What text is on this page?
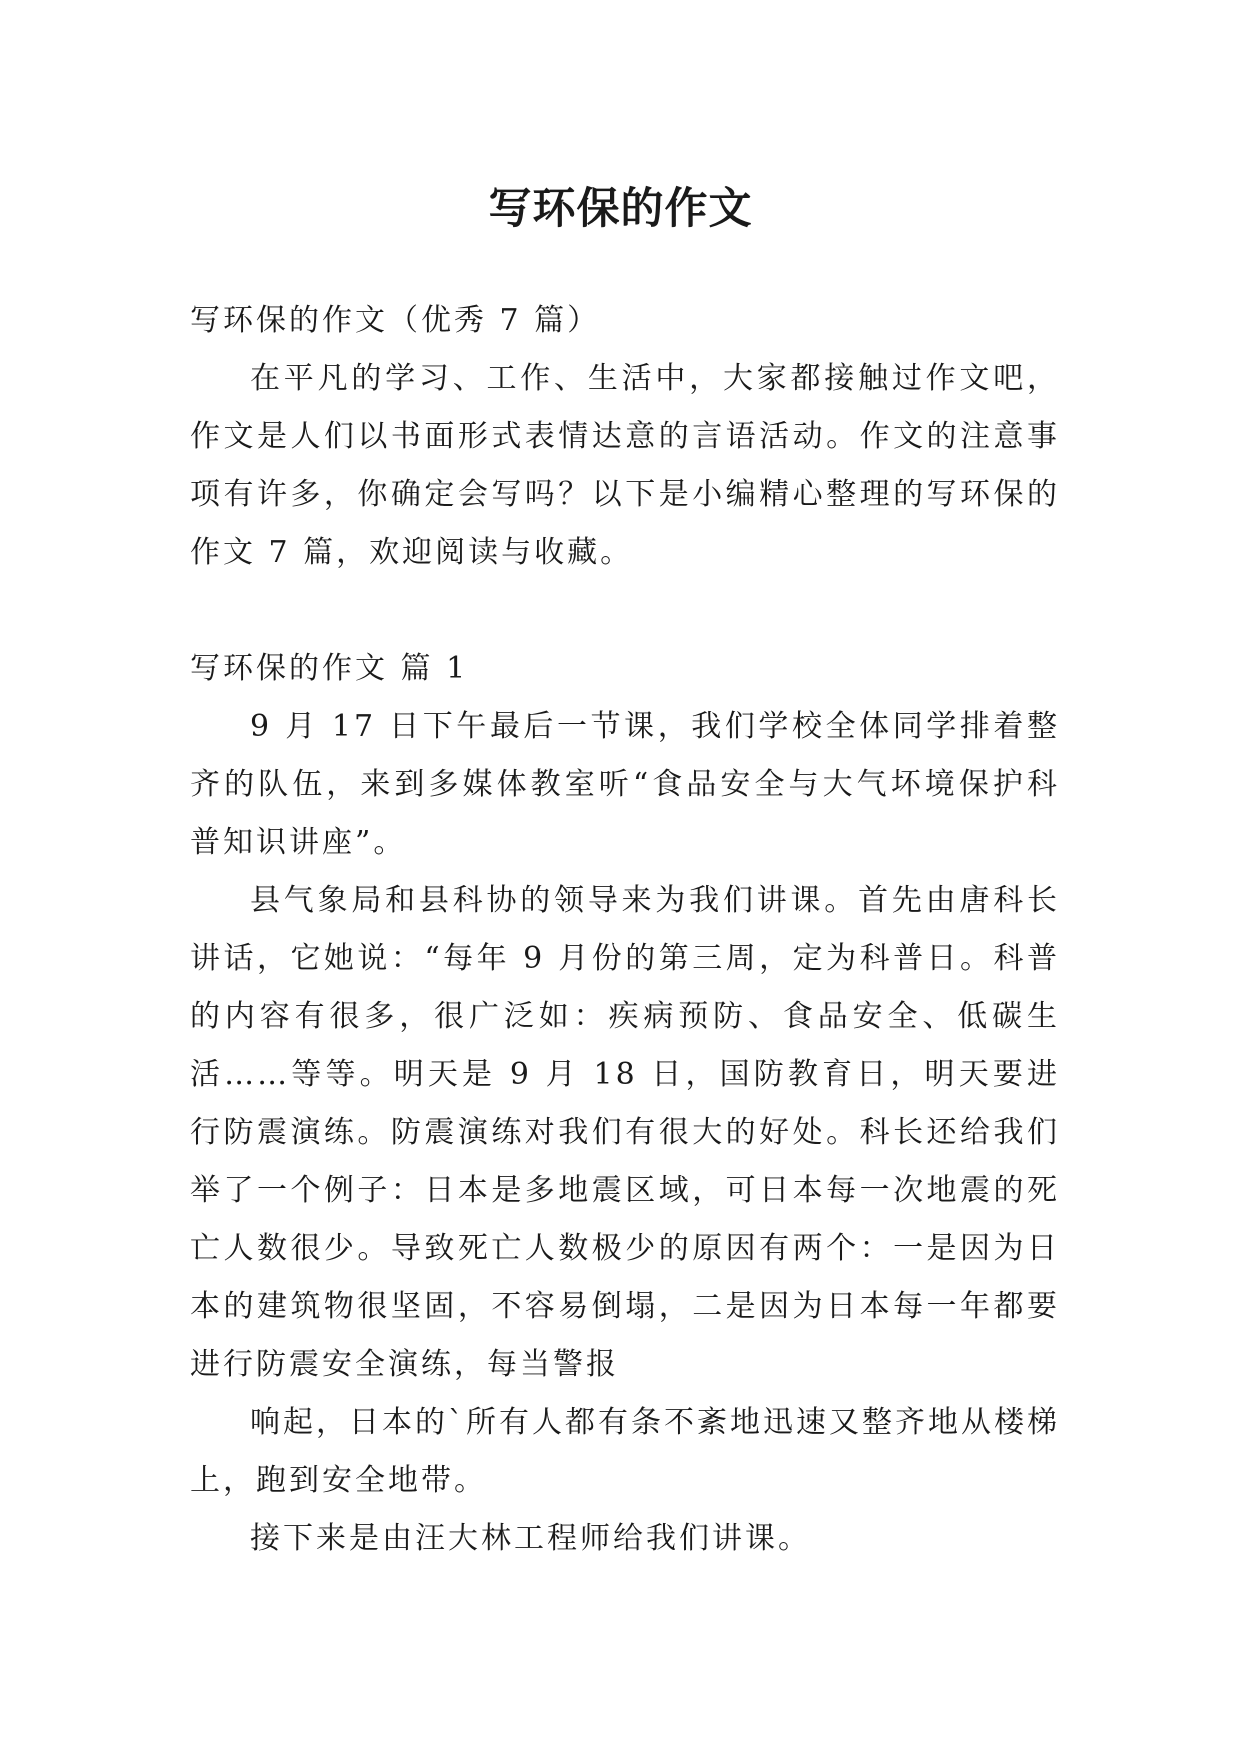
写环保的作文

写环保的作文（优秀 7 篇）

在平凡的学习、工作、生活中，大家都接触过作文吧，作文是人们以书面形式表情达意的言语活动。作文的注意事项有许多，你确定会写吗？以下是小编精心整理的写环保的作文 7 篇，欢迎阅读与收藏。

写环保的作文 篇 1

9 月 17 日下午最后一节课，我们学校全体同学排着整齐的队伍，来到多媒体教室听“食品安全与大气坏境保护科普知识讲座”。

县气象局和县科协的领导来为我们讲课。首先由唐科长讲话，它她说：“每年 9 月份的第三周，定为科普日。科普的内容有很多，很广泛如：疾病预防、食品安全、低碳生活……等等。明天是 9 月 18 日，国防教育日，明天要进行防震演练。防震演练对我们有很大的好处。科长还给我们举了一个例子：日本是多地震区域，可日本每一次地震的死亡人数很少。导致死亡人数极少的原因有两个：一是因为日本的建筑物很坚固，不容易倒塌，二是因为日本每一年都要进行防震安全演练，每当警报

响起，日本的`所有人都有条不紊地迅速又整齐地从楼梯上，跑到安全地带。

接下来是由汪大林工程师给我们讲课。
